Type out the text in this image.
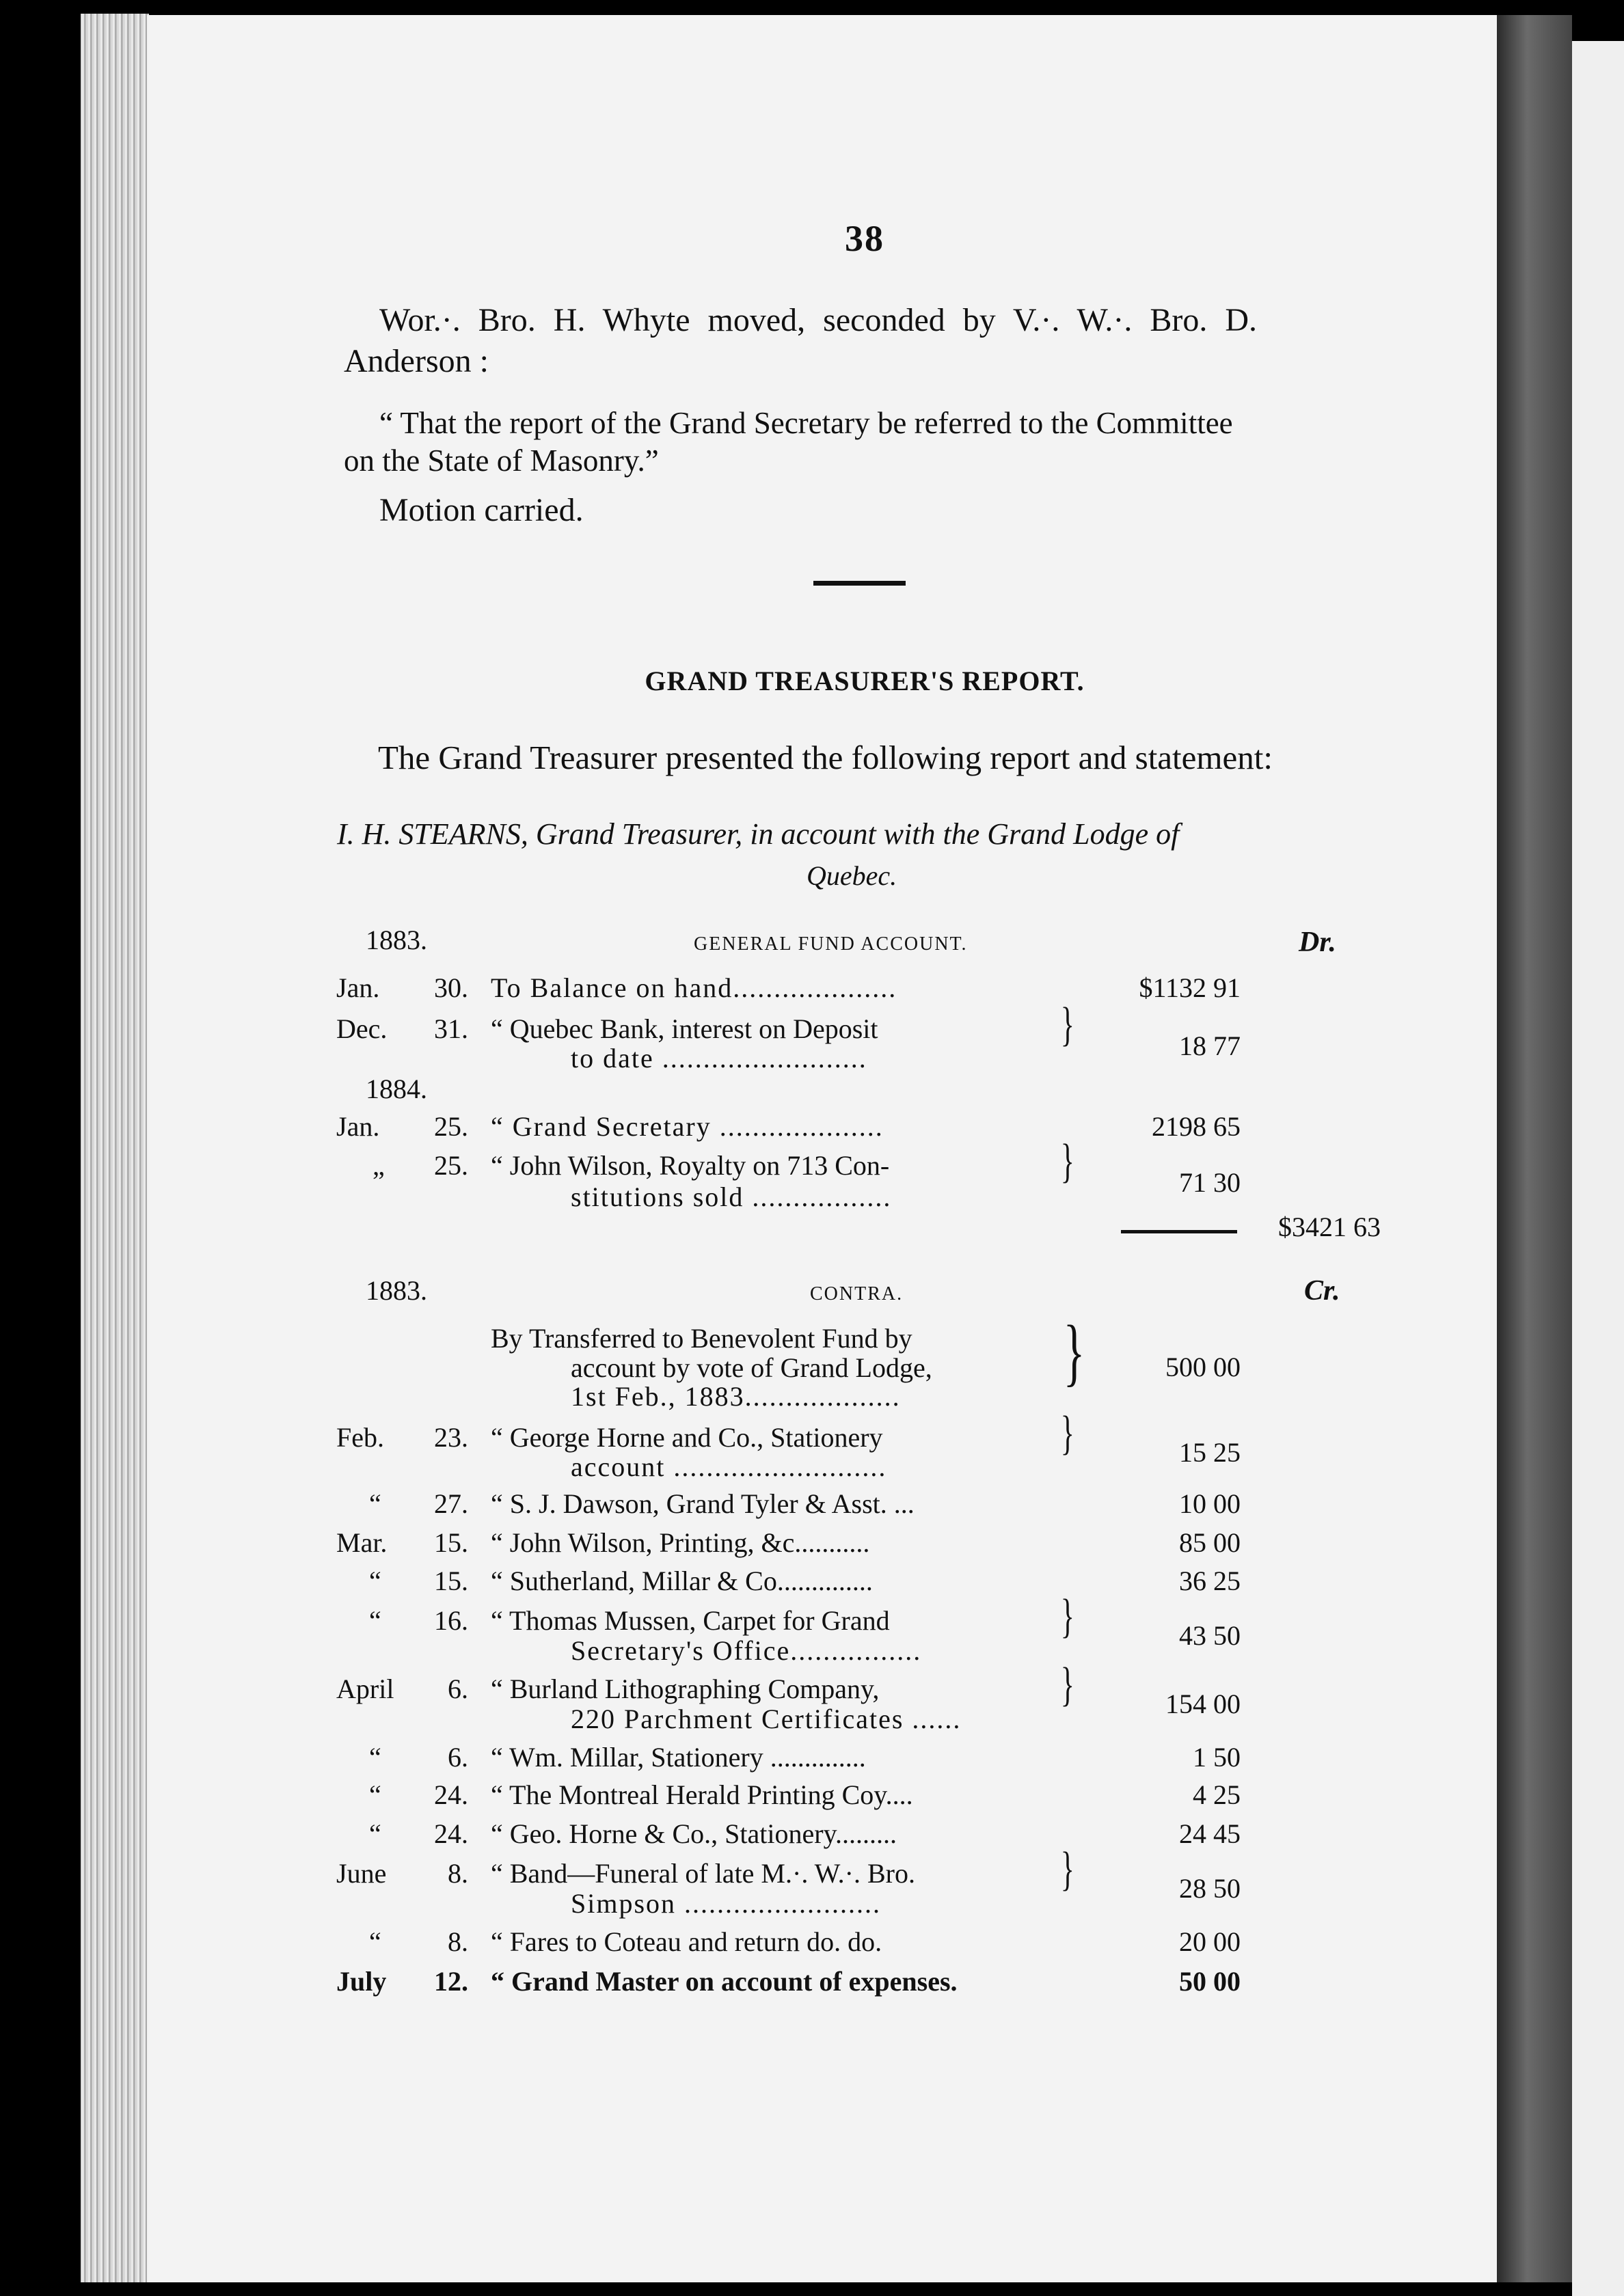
38
Wor.·. Bro. H. Whyte moved, seconded by V.·. W.·. Bro. D.
Anderson :
“ That the report of the Grand Secretary be referred to the Committee
on the State of Masonry.”
Motion carried.
GRAND TREASURER'S REPORT.
The Grand Treasurer presented the following report and statement:
I. H. STEARNS, Grand Treasurer, in account with the Grand Lodge of
Quebec.
1883.	GENERAL FUND ACCOUNT.	Dr.
Jan.	30. To Balance on hand....................	$1132 91
Dec.	31. “ Quebec Bank, interest on Deposit	}	18 77
to date .........................
1884.
Jan.	25. “ Grand Secretary ....................	2198 65
„	25. “ John Wilson, Royalty on 713 Con-	}	71 30
stitutions sold .................
$3421 63
1883.	CONTRA.	Cr.
By Transferred to Benevolent Fund by	}	500 00
account by vote of Grand Lodge,
1st Feb., 1883...................
Feb.	23. “ George Horne and Co., Stationery	}	15 25
account ..........................
“	27. “ S. J. Dawson, Grand Tyler & Asst. ...	10 00
Mar.	15. “ John Wilson, Printing, &c...........	85 00
“	15. “ Sutherland, Millar & Co..............	36 25
“	16. “ Thomas Mussen, Carpet for Grand	}	43 50
Secretary's Office................
April	6. “ Burland Lithographing Company,	}	154 00
220 Parchment Certificates ......
“	6. “ Wm. Millar, Stationery ..............	1 50
“	24. “ The Montreal Herald Printing Coy....	4 25
“	24. “ Geo. Horne & Co., Stationery.........	24 45
June	8. “ Band—Funeral of late M.·. W.·. Bro.	}	28 50
Simpson ........................
“	8. “ Fares to Coteau and return do. do.	20 00
July	12. “ Grand Master on account of expenses.	50 00
